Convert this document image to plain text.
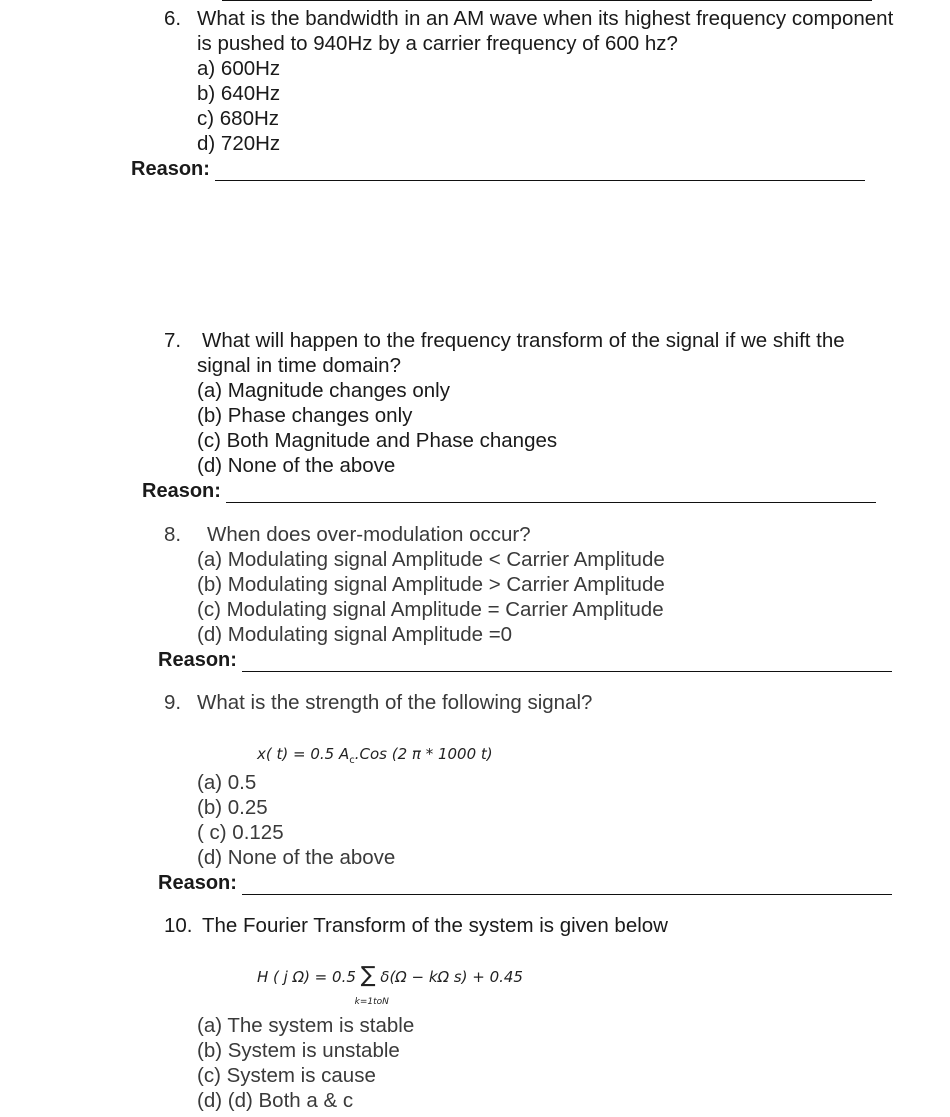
6. What is the bandwidth in an AM wave when its highest frequency component
is pushed to 940Hz by a carrier frequency of 600 hz?
a) 600Hz
b) 640Hz
c) 680Hz
d) 720Hz
Reason:
7. What will happen to the frequency transform of the signal if we shift the
signal in time domain?
(a) Magnitude changes only
(b) Phase changes only
(c) Both Magnitude and Phase changes
(d) None of the above
Reason:
8. When does over-modulation occur?
(a) Modulating signal Amplitude < Carrier Amplitude
(b) Modulating signal Amplitude > Carrier Amplitude
(c) Modulating signal Amplitude = Carrier Amplitude
(d) Modulating signal Amplitude =0
Reason:
9. What is the strength of the following signal?
x( t) = 0.5 $A_c.Cos$ (2 π * 1000 t)
(a) 0.5
(b) 0.25
( c) 0.125
(d) None of the above
Reason:
10. The Fourier Transform of the system is given below
H ( j Ω) = 0.5 ∑
k=1toN
δ(Ω − kΩ s) + 0.45
(a) The system is stable
(b) System is unstable
(c) System is cause
(d) (d) Both a & c
